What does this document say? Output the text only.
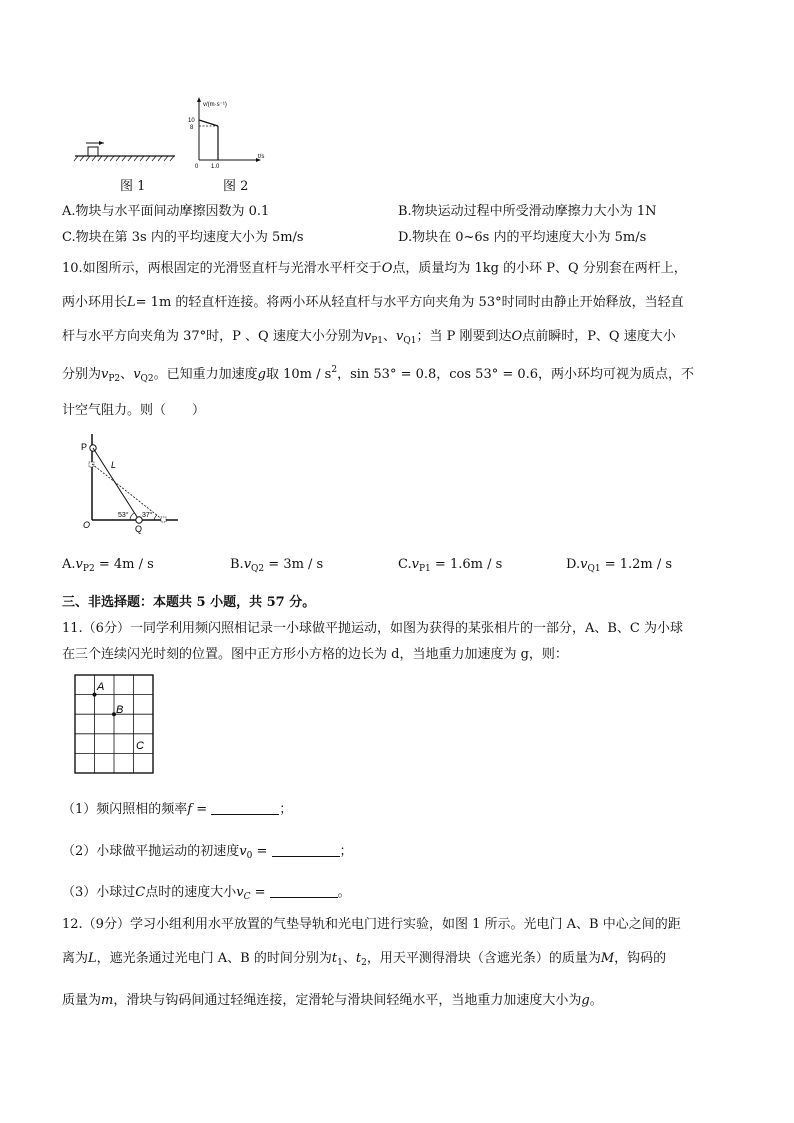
v/(m·s⁻¹)
t/s
10
8
0 1.0
图 1	图 2
A.物块与水平面间动摩擦因数为 0.1	B.物块运动过程中所受滑动摩擦力大小为 1N
C.物块在第 3s 内的平均速度大小为 5m/s	D.物块在 0~6s 内的平均速度大小为 5m/s
10.如图所示，两根固定的光滑竖直杆与光滑水平杆交于O点，质量均为 1kg 的小环 P、Q 分别套在两杆上，
两小环用长L= 1m 的轻直杆连接。将两小环从轻直杆与水平方向夹角为 53°时同时由静止开始释放，当轻直
杆与水平方向夹角为 37°时，P 、Q 速度大小分别为$v_{P1}$、$v_{Q1}$；当 P 刚要到达O点前瞬时，P、Q 速度大小
分别为$v_{P2}$、$v_{Q2}$。已知重力加速度g取 $10m / s^2$，sin 53° = 0.8，cos 53° = 0.6，两小环均可视为质点，不
计空气阻力。则（　　）
P
L
O	Q
53° 37°
$A.v_{P2} = 4m / s$	$B.v_{Q2} = 3m / s$	$C.v_{P1} = 1.6m / s$	$D.v_{Q1} = 1.2m / s$
三、非选择题：本题共 5 小题，共 57 分。
11.（6分）一同学利用频闪照相记录一小球做平抛运动，如图为获得的某张相片的一部分，A、B、C 为小球
在三个连续闪光时刻的位置。图中正方形小方格的边长为 d，当地重力加速度为 g，则：
A
B
C
（1）频闪照相的频率f =	；
（2）小球做平抛运动的初速度$v_0$ =	；
（3）小球过C点时的速度大小$v_C$ =	。
12.（9分）学习小组利用水平放置的气垫导轨和光电门进行实验，如图 1 所示。光电门 A、B 中心之间的距
离为L，遮光条通过光电门 A、B 的时间分别为$t_1$、$t_2$，用天平测得滑块（含遮光条）的质量为M，钩码的
质量为m，滑块与钩码间通过轻绳连接，定滑轮与滑块间轻绳水平，当地重力加速度大小为g。
